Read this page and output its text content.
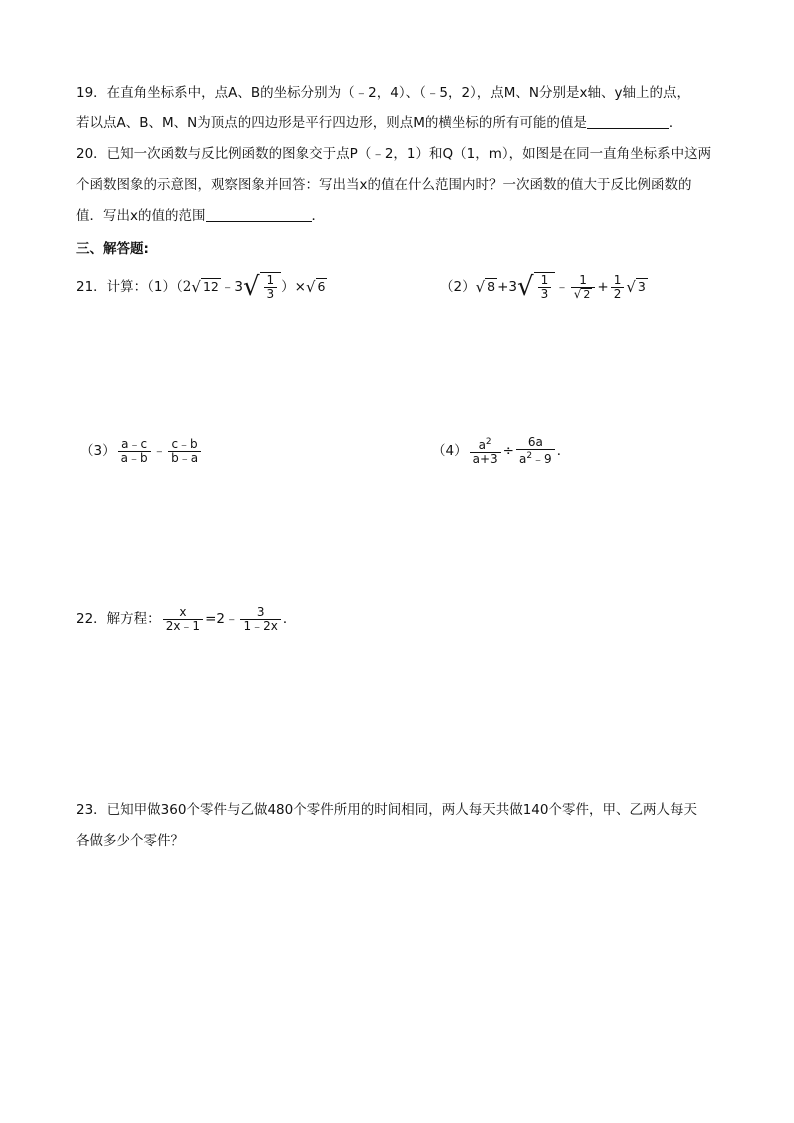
19．在直角坐标系中，点A、B的坐标分别为（﹣2，4）、（﹣5，2），点M、N分别是x轴、y轴上的点，
若以点A、B、M、N为顶点的四边形是平行四边形，则点M的横坐标的所有可能的值是	．
20．已知一次函数与反比例函数的图象交于点P（﹣2，1）和Q（1，m），如图是在同一直角坐标系中这两
个函数图象的示意图，观察图象并回答：写出当x的值在什么范围内时？一次函数的值大于反比例函数的
值．写出x的值的范围	．
三、解答题:
21．计算：（1）（2 √ 12 ﹣3 √ $\frac{1}{3}$ ）× √ 6	（2） √ 8 +3 √ $\frac{1}{3}$ ﹣ $\frac{1}{√ 2} + \frac{1}{2}$ √ 3
$(3) \frac{a﹣c}{a﹣b}$ ﹣ $\frac{c﹣b}{b﹣a}$	$(4) \frac{a^2}{a+3} \div \frac{6a}{a^2﹣9}$ ．
22．解方程： $\frac{x}{2x﹣1}$ =2﹣ $\frac{3}{1﹣2x}$ ．
23．已知甲做360个零件与乙做480个零件所用的时间相同，两人每天共做140个零件，甲、乙两人每天
各做多少个零件？
